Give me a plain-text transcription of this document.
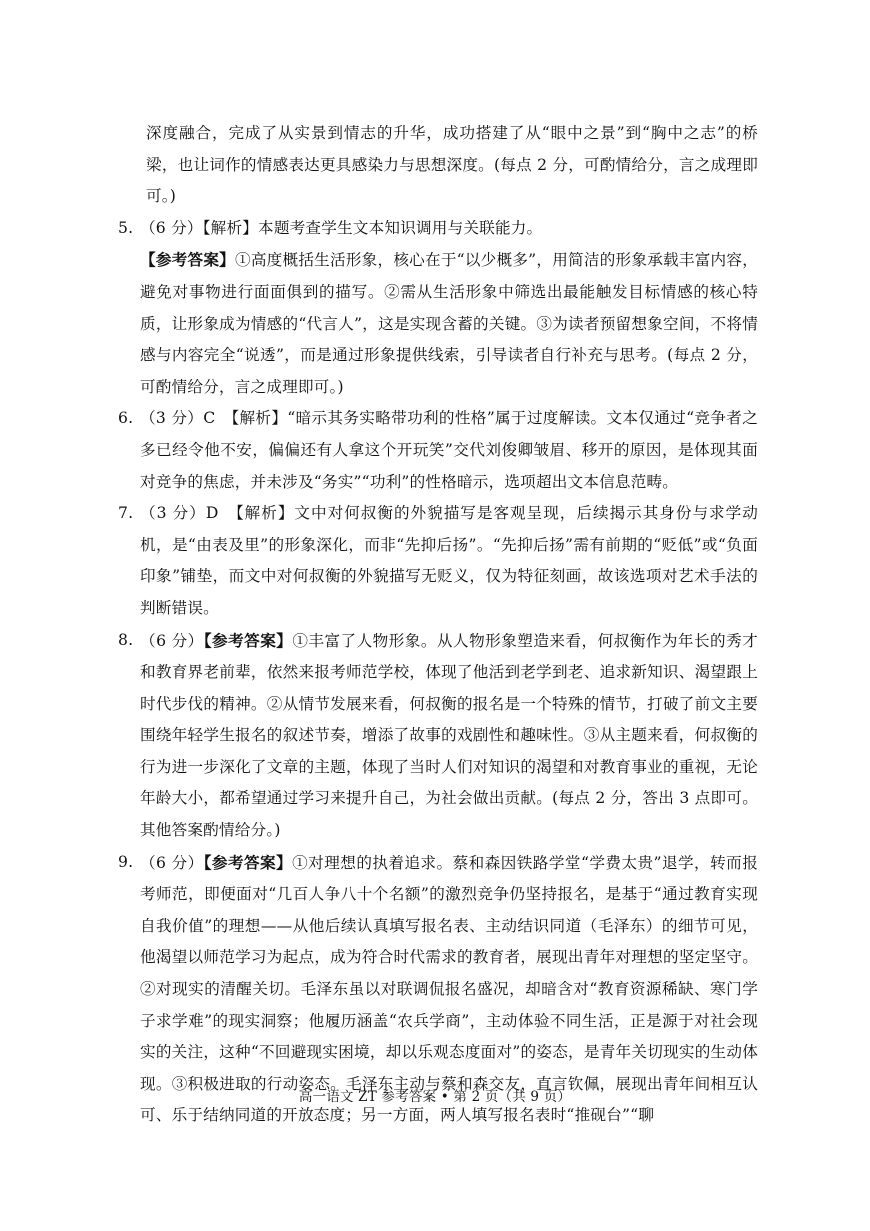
深度融合，完成了从实景到情志的升华，成功搭建了从“眼中之景”到“胸中之志”的桥梁，也让词作的情感表达更具感染力与思想深度。(每点 2 分，可酌情给分，言之成理即可。)

5. （6 分）【解析】本题考查学生文本知识调用与关联能力。
【参考答案】①高度概括生活形象，核心在于“以少概多”，用简洁的形象承载丰富内容，避免对事物进行面面俱到的描写。②需从生活形象中筛选出最能触发目标情感的核心特质，让形象成为情感的“代言人”，这是实现含蓄的关键。③为读者预留想象空间，不将情感与内容完全“说透”，而是通过形象提供线索，引导读者自行补充与思考。(每点 2 分，可酌情给分，言之成理即可。)
6. （3 分）C　【解析】“暗示其务实略带功利的性格”属于过度解读。文本仅通过“竞争者之多已经令他不安，偏偏还有人拿这个开玩笑”交代刘俊卿皱眉、移开的原因，是体现其面对竞争的焦虑，并未涉及“务实”“功利”的性格暗示，选项超出文本信息范畴。
7. （3 分）D　【解析】文中对何叔衡的外貌描写是客观呈现，后续揭示其身份与求学动机，是“由表及里”的形象深化，而非“先抑后扬”。“先抑后扬”需有前期的“贬低”或“负面印象”铺垫，而文中对何叔衡的外貌描写无贬义，仅为特征刻画，故该选项对艺术手法的判断错误。
8. （6 分）【参考答案】①丰富了人物形象。从人物形象塑造来看，何叔衡作为年长的秀才和教育界老前辈，依然来报考师范学校，体现了他活到老学到老、追求新知识、渴望跟上时代步伐的精神。②从情节发展来看，何叔衡的报名是一个特殊的情节，打破了前文主要围绕年轻学生报名的叙述节奏，增添了故事的戏剧性和趣味性。③从主题来看，何叔衡的行为进一步深化了文章的主题，体现了当时人们对知识的渴望和对教育事业的重视，无论年龄大小，都希望通过学习来提升自己，为社会做出贡献。(每点 2 分，答出 3 点即可。其他答案酌情给分。)
9. （6 分）【参考答案】①对理想的执着追求。蔡和森因铁路学堂“学费太贵”退学，转而报考师范，即便面对“几百人争八十个名额”的激烈竞争仍坚持报名，是基于“通过教育实现自我价值”的理想——从他后续认真填写报名表、主动结识同道（毛泽东）的细节可见，他渴望以师范学习为起点，成为符合时代需求的教育者，展现出青年对理想的坚定坚守。②对现实的清醒关切。毛泽东虽以对联调侃报名盛况，却暗含对“教育资源稀缺、寒门学子求学难”的现实洞察；他履历涵盖“农兵学商”，主动体验不同生活，正是源于对社会现实的关注，这种“不回避现实困境，却以乐观态度面对”的姿态，是青年关切现实的生动体现。③积极进取的行动姿态。毛泽东主动与蔡和森交友，直言钦佩，展现出青年间相互认可、乐于结纳同道的开放态度；另一方面，两人填写报名表时“推砚台”“聊
高一语文 ZT 参考答案 • 第 2 页（共 9 页）
